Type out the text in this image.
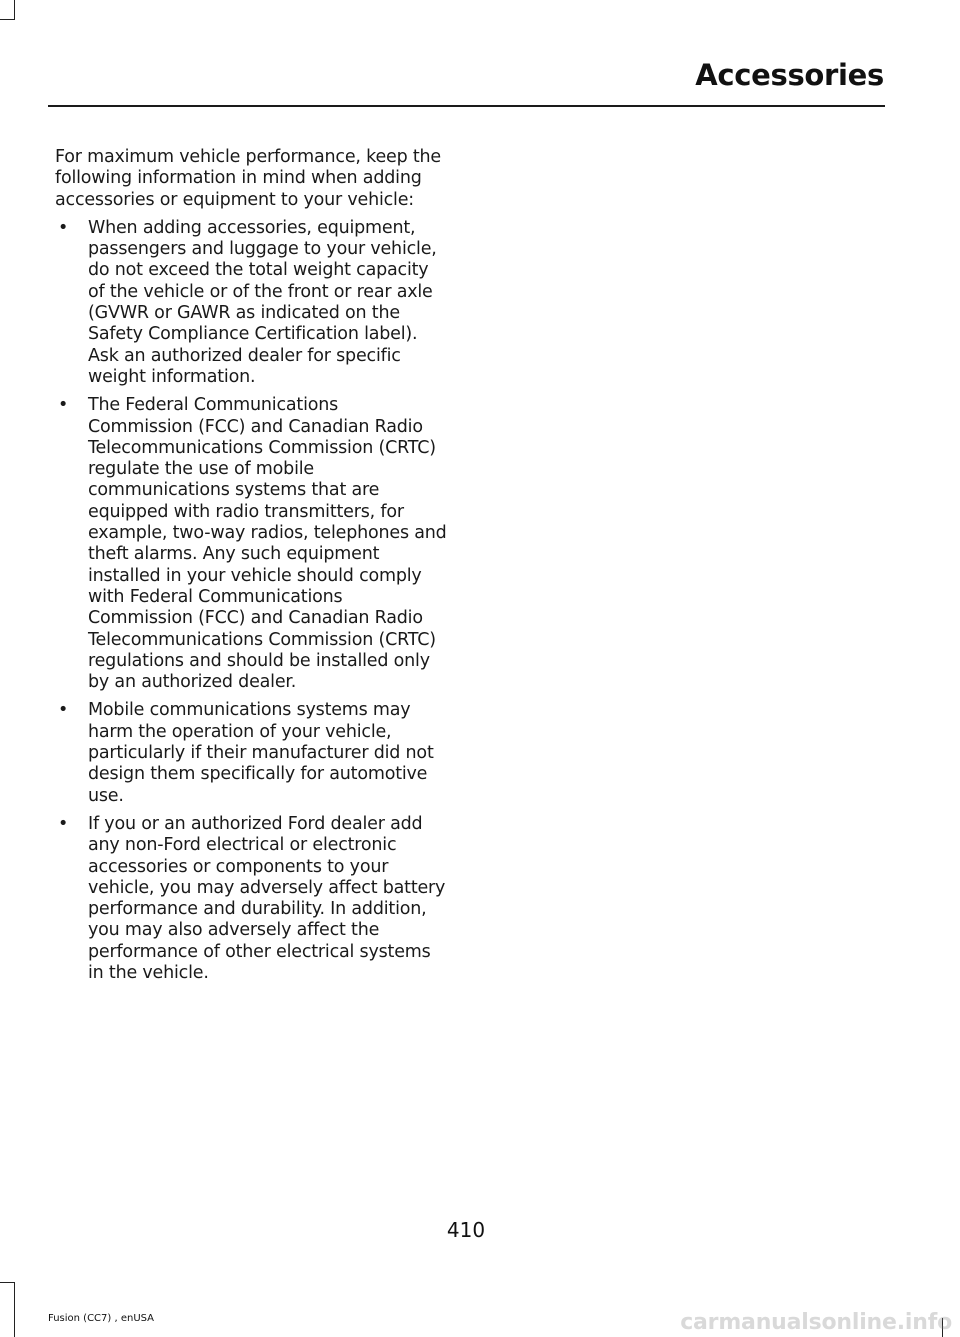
Accessories

For maximum vehicle performance, keep the following information in mind when adding accessories or equipment to your vehicle:

• When adding accessories, equipment, passengers and luggage to your vehicle, do not exceed the total weight capacity of the vehicle or of the front or rear axle (GVWR or GAWR as indicated on the Safety Compliance Certification label). Ask an authorized dealer for specific weight information.
• The Federal Communications Commission (FCC) and Canadian Radio Telecommunications Commission (CRTC) regulate the use of mobile communications systems that are equipped with radio transmitters, for example, two-way radios, telephones and theft alarms. Any such equipment installed in your vehicle should comply with Federal Communications Commission (FCC) and Canadian Radio Telecommunications Commission (CRTC) regulations and should be installed only by an authorized dealer.
• Mobile communications systems may harm the operation of your vehicle, particularly if their manufacturer did not design them specifically for automotive use.
• If you or an authorized Ford dealer add any non-Ford electrical or electronic accessories or components to your vehicle, you may adversely affect battery performance and durability. In addition, you may also adversely affect the performance of other electrical systems in the vehicle.
410
Fusion (CC7) , enUSA	carmanualsonline.info
